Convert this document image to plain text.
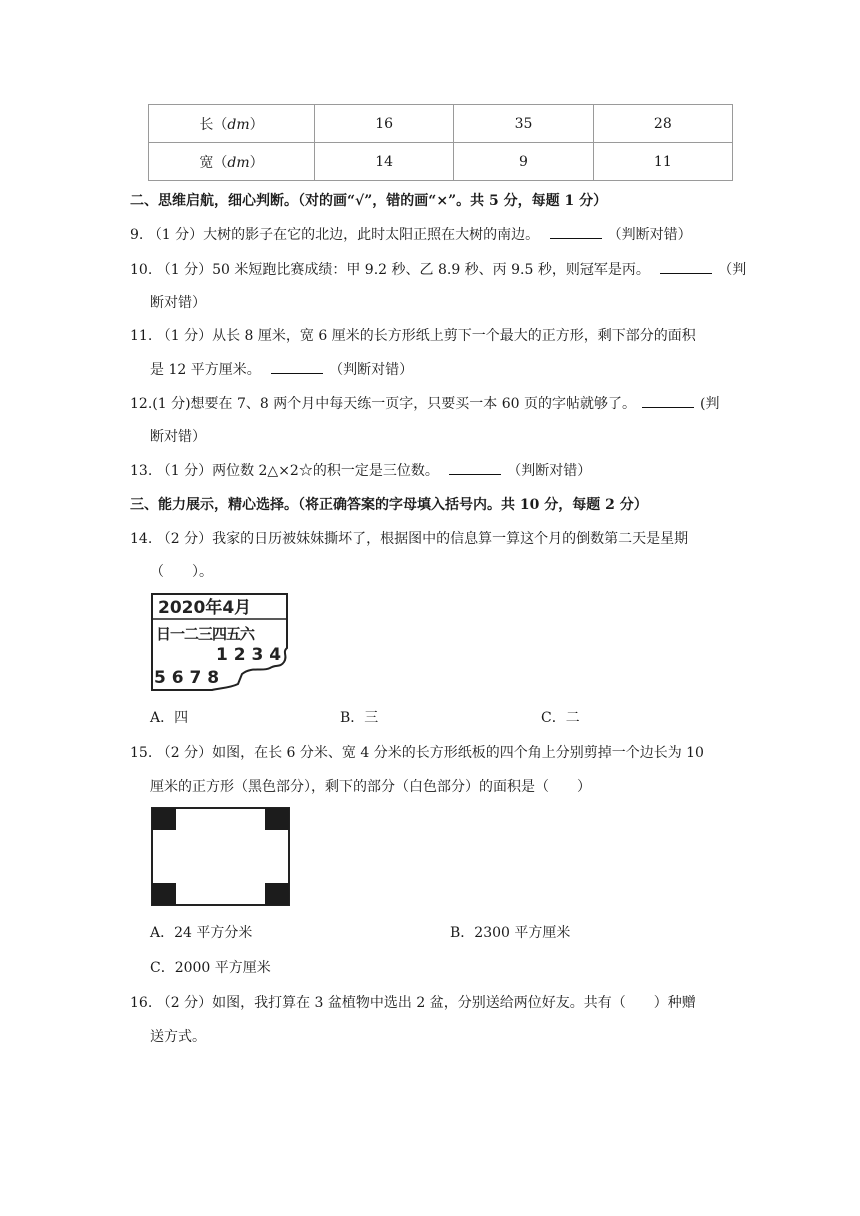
长（dm）	16	35	28
宽（dm）	14	9	11
二、思维启航，细心判断。（对的画“√”，错的画“×”。共 5 分，每题 1 分）
9. （1 分）大树的影子在它的北边，此时太阳正照在大树的南边。	（判断对错）
10. （1 分）50 米短跑比赛成绩：甲 9.2 秒、乙 8.9 秒、丙 9.5 秒，则冠军是丙。	（判
断对错）
11. （1 分）从长 8 厘米，宽 6 厘米的长方形纸上剪下一个最大的正方形，剩下部分的面积
是 12 平方厘米。	（判断对错）
12.(1 分)想要在 7、8 两个月中每天练一页字，只要买一本 60 页的字帖就够了。	(判
断对错）
13. （1 分）两位数 2△×2☆的积一定是三位数。	（判断对错）
三、能力展示，精心选择。（将正确答案的字母填入括号内。共 10 分，每题 2 分）
14. （2 分）我家的日历被妹妹撕坏了，根据图中的信息算一算这个月的倒数第二天是星期
（　　）。
2020年4月
日一二三四五六
1 2 3 4
5 6 7 8
A．四	B．三	C．二
15. （2 分）如图，在长 6 分米、宽 4 分米的长方形纸板的四个角上分别剪掉一个边长为 10
厘米的正方形（黑色部分），剩下的部分（白色部分）的面积是（　　）
A．24 平方分米	B．2300 平方厘米
C．2000 平方厘米
16. （2 分）如图，我打算在 3 盆植物中选出 2 盆，分别送给两位好友。共有（　　）种赠
送方式。
